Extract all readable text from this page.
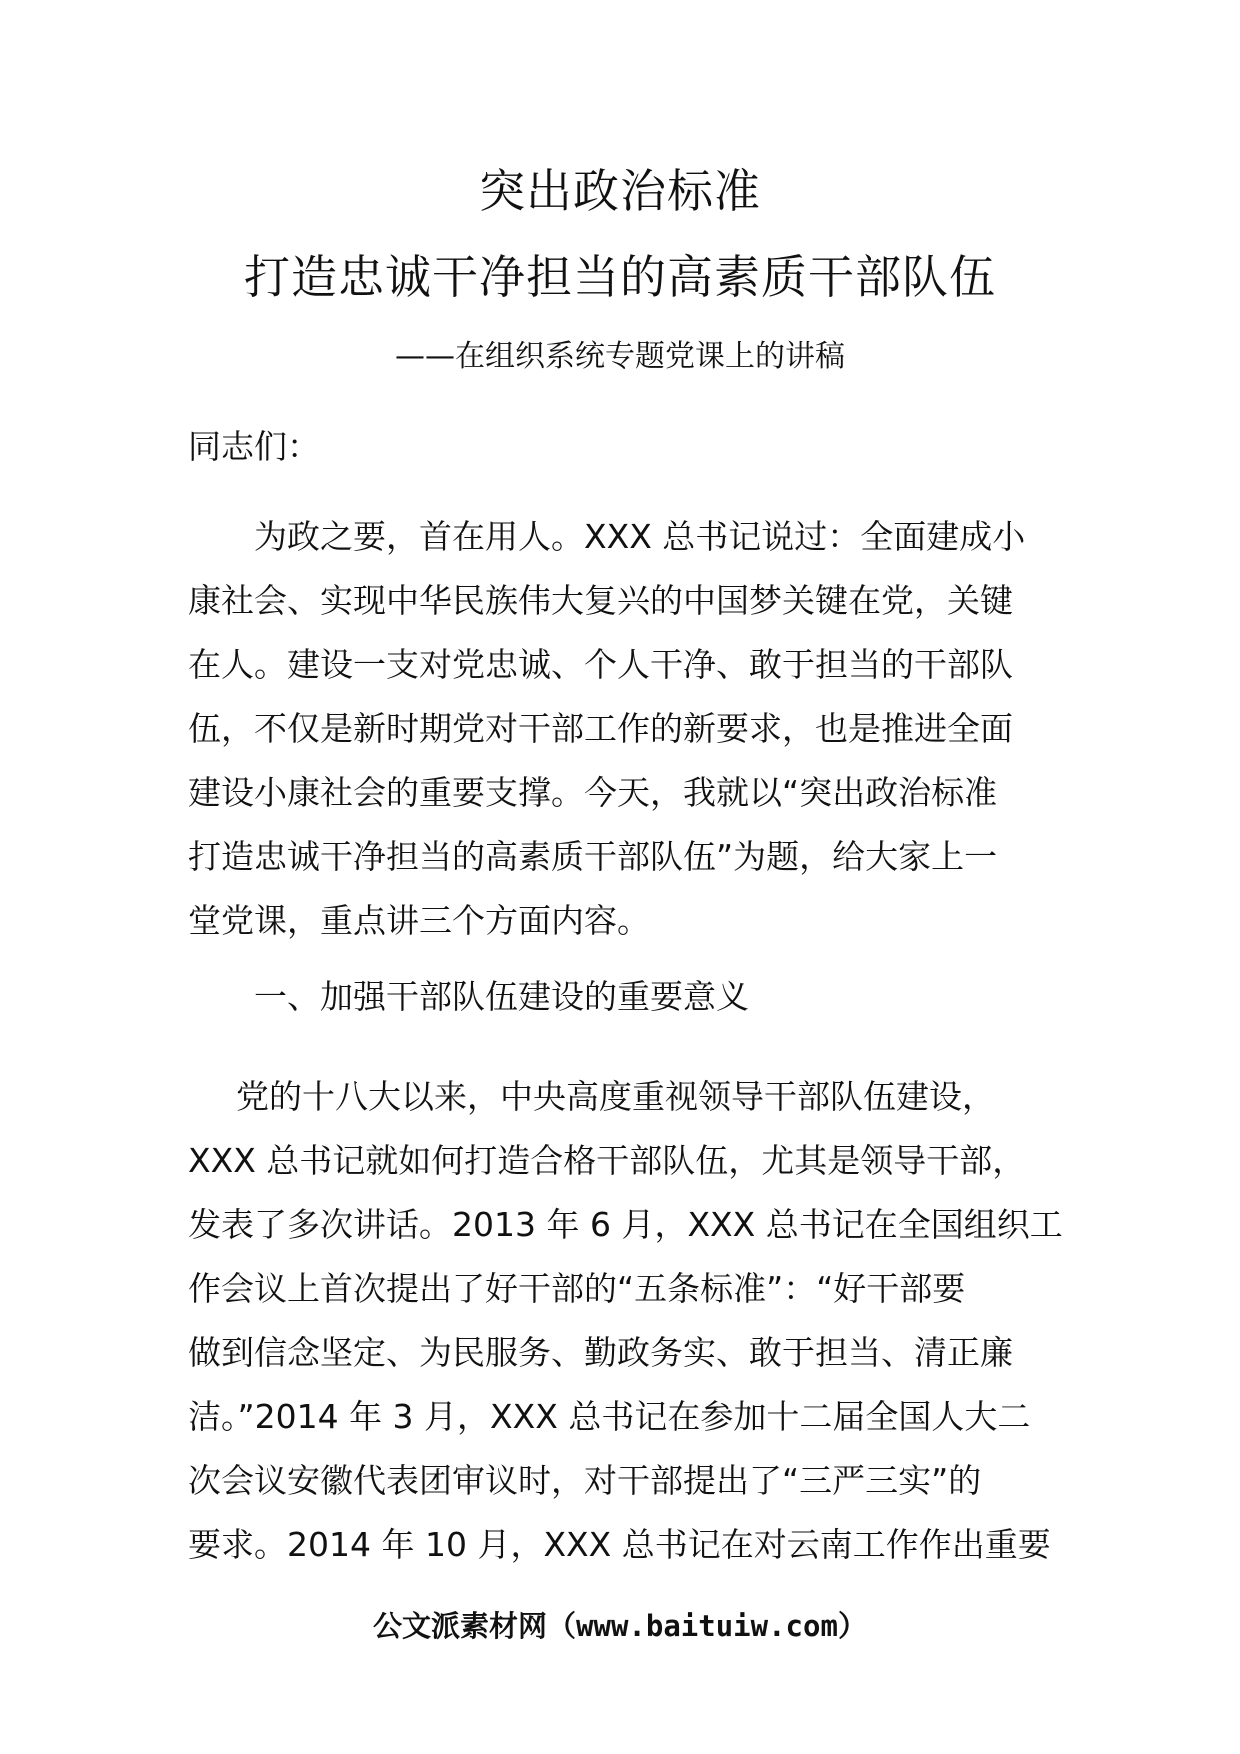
突出政治标准
打造忠诚干净担当的高素质干部队伍
——在组织系统专题党课上的讲稿
同志们：
为政之要，首在用人。XXX 总书记说过：全面建成小
康社会、实现中华民族伟大复兴的中国梦关键在党，关键
在人。建设一支对党忠诚、个人干净、敢于担当的干部队
伍，不仅是新时期党对干部工作的新要求，也是推进全面
建设小康社会的重要支撑。今天，我就以“突出政治标准
打造忠诚干净担当的高素质干部队伍”为题，给大家上一
堂党课，重点讲三个方面内容。
一、加强干部队伍建设的重要意义
党的十八大以来，中央高度重视领导干部队伍建设，
XXX 总书记就如何打造合格干部队伍，尤其是领导干部，
发表了多次讲话。2013 年 6 月，XXX 总书记在全国组织工
作会议上首次提出了好干部的“五条标准”：“好干部要
做到信念坚定、为民服务、勤政务实、敢于担当、清正廉
洁。”2014 年 3 月，XXX 总书记在参加十二届全国人大二
次会议安徽代表团审议时，对干部提出了“三严三实”的
要求。2014 年 10 月，XXX 总书记在对云南工作作出重要
公文派素材网（www.baituiw.com）
